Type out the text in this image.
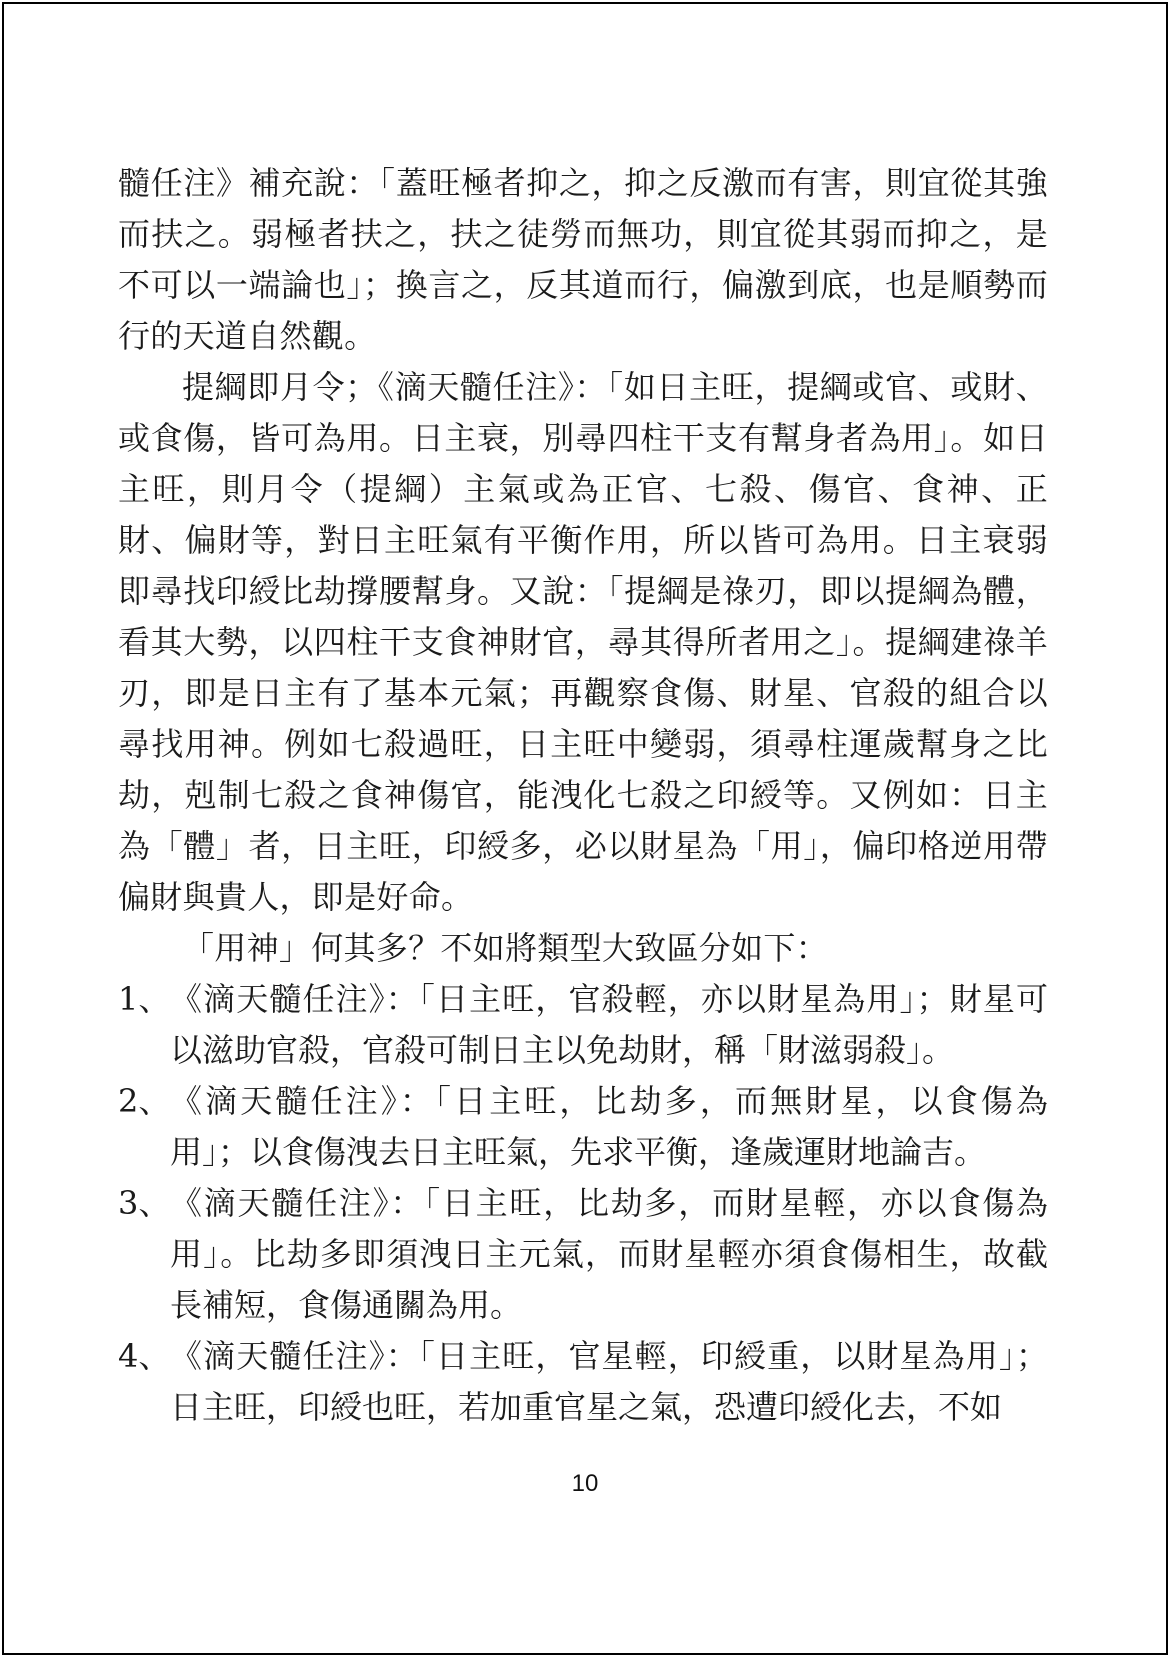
髓任注》補充說：「蓋旺極者抑之，抑之反激而有害，則宜從其強而扶之。弱極者扶之，扶之徒勞而無功，則宜從其弱而抑之，是不可以一端論也」；換言之，反其道而行，偏激到底，也是順勢而行的天道自然觀。

提綱即月令；《滴天髓任注》：「如日主旺，提綱或官、或財、或食傷，皆可為用。日主衰，別尋四柱干支有幫身者為用」。如日主旺，則月令（提綱）主氣或為正官、七殺、傷官、食神、正財、偏財等，對日主旺氣有平衡作用，所以皆可為用。日主衰弱即尋找印綬比劫撐腰幫身。又說：「提綱是祿刃，即以提綱為體，看其大勢，以四柱干支食神財官，尋其得所者用之」。提綱建祿羊刃，即是日主有了基本元氣；再觀察食傷、財星、官殺的組合以尋找用神。例如七殺過旺，日主旺中變弱，須尋柱運歲幫身之比劫，剋制七殺之食神傷官，能洩化七殺之印綬等。又例如：日主為「體」者，日主旺，印綬多，必以財星為「用」，偏印格逆用帶偏財與貴人，即是好命。

「用神」何其多？不如將類型大致區分如下：

1、 《滴天髓任注》：「日主旺，官殺輕，亦以財星為用」；財星可以滋助官殺，官殺可制日主以免劫財，稱「財滋弱殺」。
2、 《滴天髓任注》：「日主旺，比劫多，而無財星，以食傷為用」；以食傷洩去日主旺氣，先求平衡，逢歲運財地論吉。
3、 《滴天髓任注》：「日主旺，比劫多，而財星輕，亦以食傷為用」。比劫多即須洩日主元氣，而財星輕亦須食傷相生，故截長補短，食傷通關為用。
4、 《滴天髓任注》：「日主旺，官星輕，印綬重，以財星為用」；日主旺，印綬也旺，若加重官星之氣，恐遭印綬化去，不如
10
